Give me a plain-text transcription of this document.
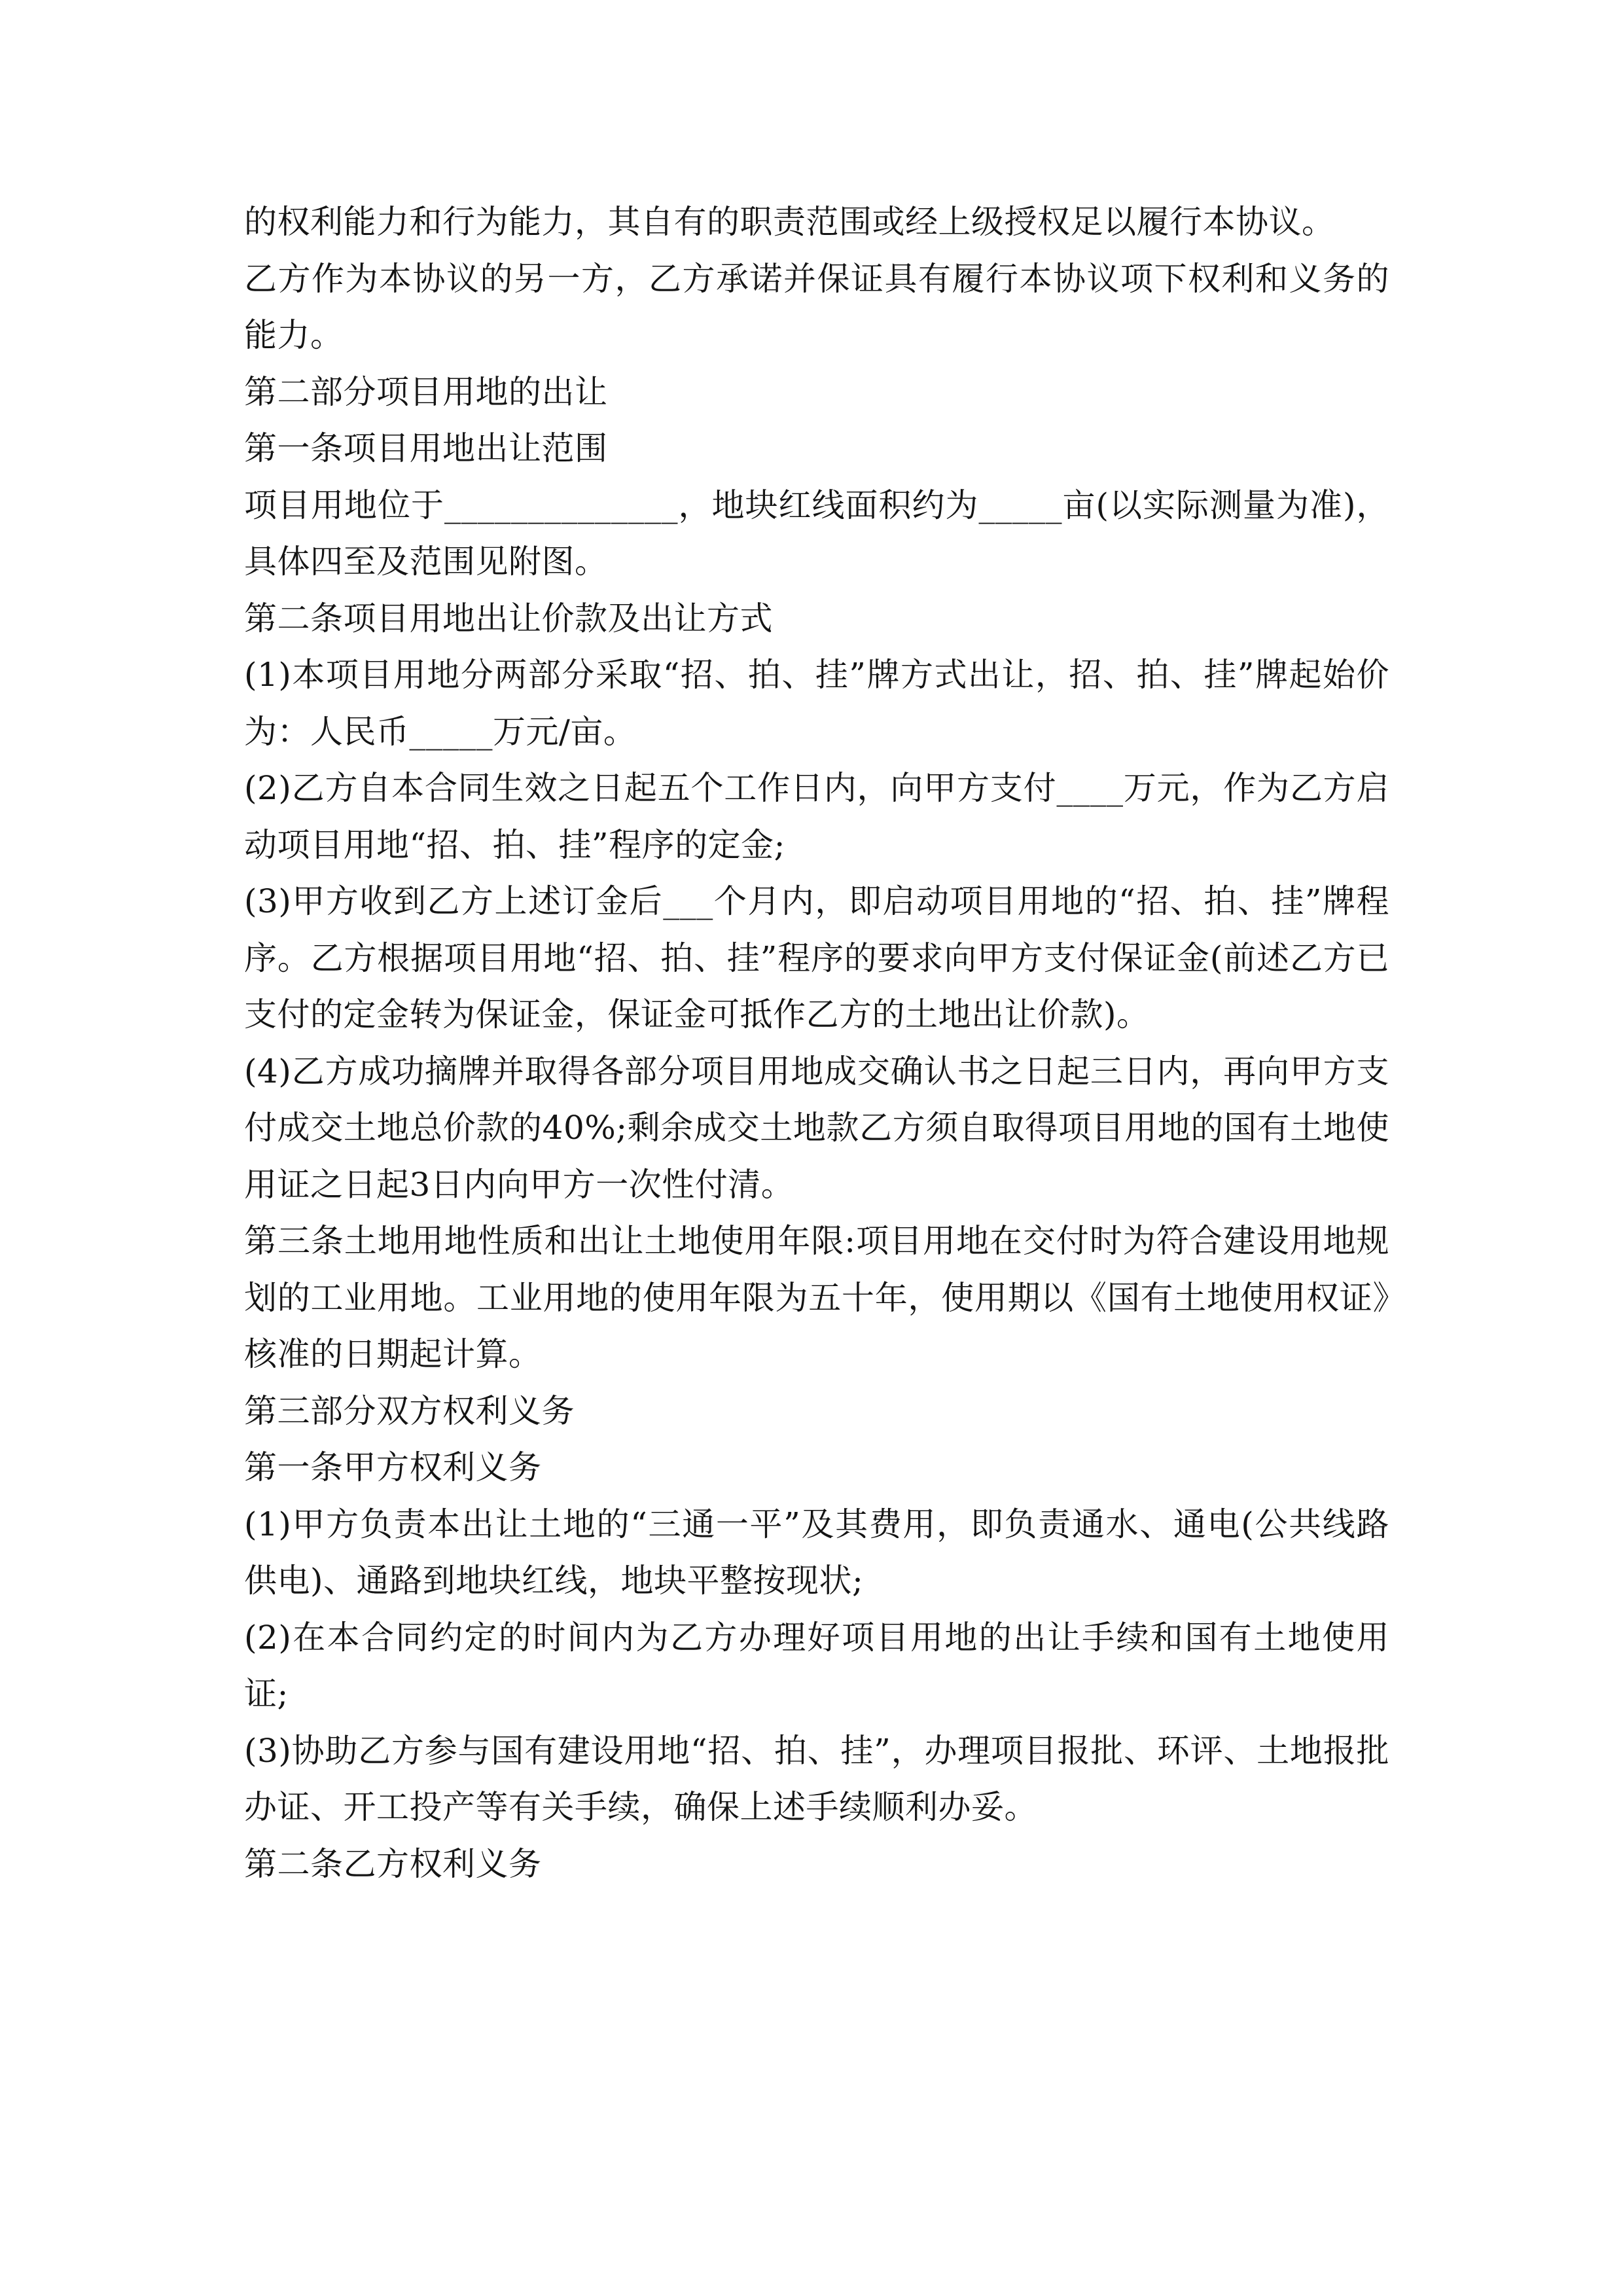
的权利能力和行为能力，其自有的职责范围或经上级授权足以履行本协议。

乙方作为本协议的另一方，乙方承诺并保证具有履行本协议项下权利和义务的能力。

第二部分项目用地的出让

第一条项目用地出让范围

项目用地位于______________，地块红线面积约为_____亩(以实际测量为准)，具体四至及范围见附图。

第二条项目用地出让价款及出让方式

(1)本项目用地分两部分采取“招、拍、挂”牌方式出让，招、拍、挂”牌起始价为：人民币_____万元/亩。

(2)乙方自本合同生效之日起五个工作日内，向甲方支付____万元，作为乙方启动项目用地“招、拍、挂”程序的定金;

(3)甲方收到乙方上述订金后___个月内，即启动项目用地的“招、拍、挂”牌程序。乙方根据项目用地“招、拍、挂”程序的要求向甲方支付保证金(前述乙方已支付的定金转为保证金，保证金可抵作乙方的土地出让价款)。

(4)乙方成功摘牌并取得各部分项目用地成交确认书之日起三日内，再向甲方支付成交土地总价款的40%;剩余成交土地款乙方须自取得项目用地的国有土地使用证之日起3日内向甲方一次性付清。

第三条土地用地性质和出让土地使用年限:项目用地在交付时为符合建设用地规划的工业用地。工业用地的使用年限为五十年，使用期以《国有土地使用权证》核准的日期起计算。

第三部分双方权利义务

第一条甲方权利义务

(1)甲方负责本出让土地的“三通一平”及其费用，即负责通水、通电(公共线路供电)、通路到地块红线，地块平整按现状;

(2)在本合同约定的时间内为乙方办理好项目用地的出让手续和国有土地使用证;

(3)协助乙方参与国有建设用地“招、拍、挂”，办理项目报批、环评、土地报批办证、开工投产等有关手续，确保上述手续顺利办妥。

第二条乙方权利义务
